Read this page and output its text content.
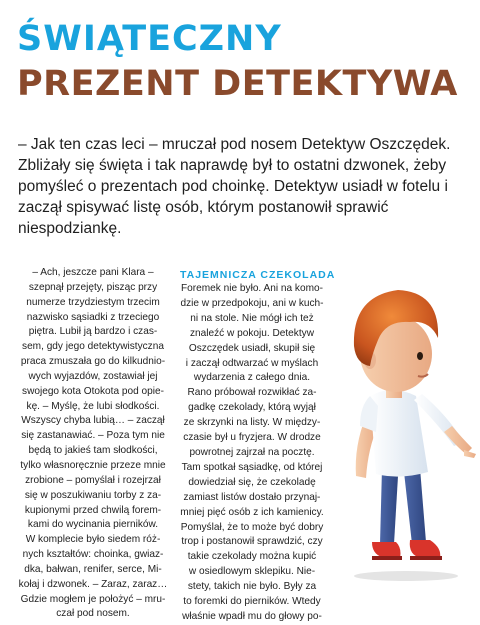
ŚWIĄTECZNY
PREZENT DETEKTYWA

– Jak ten czas leci – mruczał pod nosem Detektyw Oszczędek. Zbliżały się święta i tak naprawdę był to ostatni dzwonek, żeby pomyśleć o prezentach pod choinkę. Detektyw usiadł w fotelu i zaczął spisywać listę osób, którym postanowił sprawić niespodziankę.

– Ach, jeszcze pani Klara –
szepnął przejęty, pisząc przy
numerze trzydziestym trzecim
nazwisko sąsiadki z trzeciego
piętra. Lubił ją bardzo i czas-
sem, gdy jego detektywistyczna
praca zmuszała go do kilkudnio-
wych wyjazdów, zostawiał jej
swojego kota Otokota pod opie-
kę. – Myślę, że lubi słodkości.
Wszyscy chyba lubią… – zaczął
się zastanawiać. – Poza tym nie
będą to jakieś tam słodkości,
tylko własnoręcznie przeze mnie
zrobione – pomyślał i rozejrzał
się w poszukiwaniu torby z za-
kupionymi przed chwilą forem-
kami do wycinania pierników.
W komplecie było siedem róż-
nych kształtów: choinka, gwiaz-
dka, bałwan, renifer, serce, Mi-
kołaj i dzwonek. – Zaraz, zaraz…
Gdzie mogłem je położyć – mru-
czał pod nosem.
TAJEMNICZA CZEKOLADA
Foremek nie było. Ani na komo-
dzie w przedpokoju, ani w kuch-
ni na stole. Nie mógł ich też
znaleźć w pokoju. Detektyw
Oszczędek usiadł, skupił się
i zaczął odtwarzać w myślach
wydarzenia z całego dnia.
Rano próbował rozwikłać za-
gadkę czekolady, którą wyjął
ze skrzynki na listy. W między-
czasie był u fryzjera. W drodze
powrotnej zajrzał na pocztę.
Tam spotkał sąsiadkę, od której
dowiedział się, że czekoladę
zamiast listów dostało przynaj-
mniej pięć osób z ich kamienicy.
Pomyślał, że to może być dobry
trop i postanowił sprawdzić, czy
takie czekolady można kupić
w osiedlowym sklepiku. Nie-
stety, takich nie było. Były za
to foremki do pierników. Wtedy
właśnie wpadł mu do głowy po-
